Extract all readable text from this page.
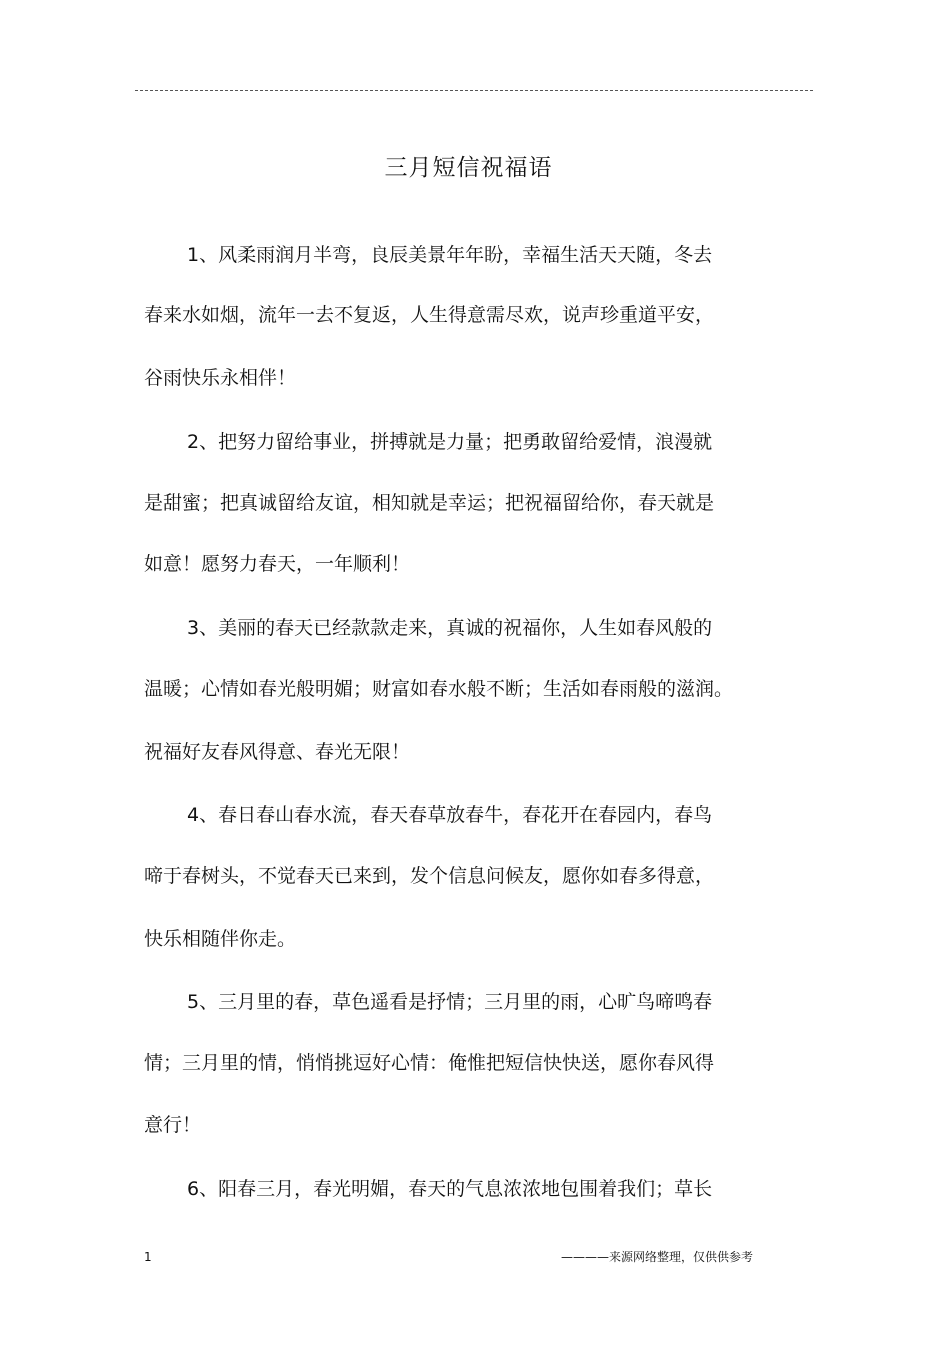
三月短信祝福语
1、风柔雨润月半弯，良辰美景年年盼，幸福生活天天随，冬去
春来水如烟，流年一去不复返，人生得意需尽欢，说声珍重道平安，
谷雨快乐永相伴！
2、把努力留给事业，拼搏就是力量；把勇敢留给爱情，浪漫就
是甜蜜；把真诚留给友谊，相知就是幸运；把祝福留给你，春天就是
如意！愿努力春天，一年顺利！
3、美丽的春天已经款款走来，真诚的祝福你，人生如春风般的
温暖；心情如春光般明媚；财富如春水般不断；生活如春雨般的滋润。
祝福好友春风得意、春光无限！
4、春日春山春水流，春天春草放春牛，春花开在春园内，春鸟
啼于春树头，不觉春天已来到，发个信息问候友，愿你如春多得意，
快乐相随伴你走。
5、三月里的春，草色遥看是抒情；三月里的雨，心旷鸟啼鸣春
情；三月里的情，悄悄挑逗好心情：俺惟把短信快快送，愿你春风得
意行！
6、阳春三月，春光明媚，春天的气息浓浓地包围着我们；草长
1	————来源网络整理，仅供供参考
